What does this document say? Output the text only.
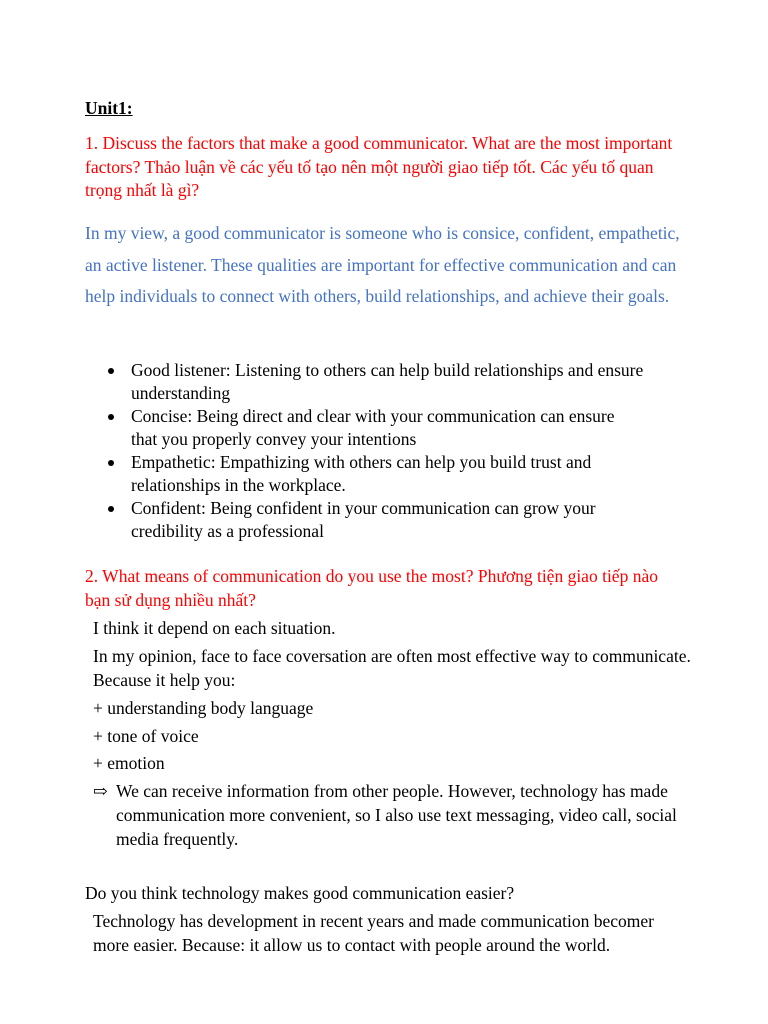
Unit1:

1. Discuss the factors that make a good communicator. What are the most important factors? Thảo luận về các yếu tố tạo nên một người giao tiếp tốt. Các yếu tố quan trọng nhất là gì?

In my view, a good communicator is someone who is consice, confident, empathetic, an active listener. These qualities are important for effective communication and can help individuals to connect with others, build relationships, and achieve their goals.

Good listener: Listening to others can help build relationships and ensure understanding
Concise: Being direct and clear with your communication can ensure that you properly convey your intentions
Empathetic: Empathizing with others can help you build trust and relationships in the workplace.
Confident: Being confident in your communication can grow your credibility as a professional

2. What means of communication do you use the most? Phương tiện giao tiếp nào bạn sử dụng nhiều nhất?

I think it depend on each situation.

In my opinion, face to face coversation are often most effective way to communicate. Because it help you:

+ understanding body language

+ tone of voice

+ emotion

⇨ We can receive information from other people. However, technology has made communication more convenient, so I also use text messaging, video call, social media frequently.

Do you think technology makes good communication easier?

Technology has development in recent years and made communication becomer more easier. Because: it allow us to contact with people around the world.
